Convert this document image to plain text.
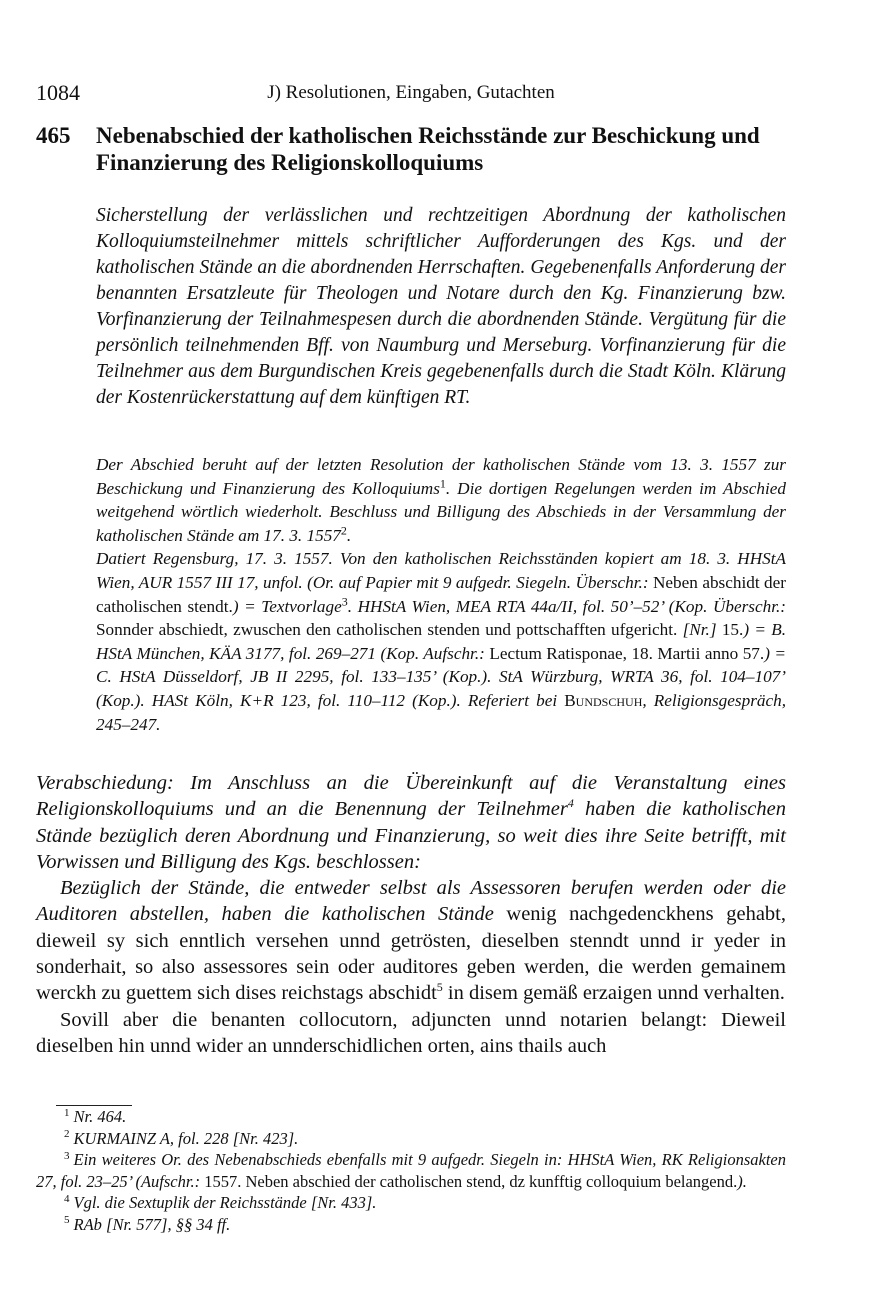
1084	J) Resolutionen, Eingaben, Gutachten
465 Nebenabschied der katholischen Reichsstände zur Beschickung und Finanzierung des Religionskolloquiums
Sicherstellung der verlässlichen und rechtzeitigen Abordnung der katholischen Kolloquiumsteilnehmer mittels schriftlicher Aufforderungen des Kgs. und der katholischen Stände an die abordnenden Herrschaften. Gegebenenfalls Anforderung der benannten Ersatzleute für Theologen und Notare durch den Kg. Finanzierung bzw. Vorfinanzierung der Teilnahmespesen durch die abordnenden Stände. Vergütung für die persönlich teilnehmenden Bff. von Naumburg und Merseburg. Vorfinanzierung für die Teilnehmer aus dem Burgundischen Kreis gegebenenfalls durch die Stadt Köln. Klärung der Kostenrückerstattung auf dem künftigen RT.
Der Abschied beruht auf der letzten Resolution der katholischen Stände vom 13. 3. 1557 zur Beschickung und Finanzierung des Kolloquiums$^1$. Die dortigen Regelungen werden im Abschied weitgehend wörtlich wiederholt. Beschluss und Billigung des Abschieds in der Versammlung der katholischen Stände am 17. 3. 1557$^2$.
Datiert Regensburg, 17. 3. 1557. Von den katholischen Reichsständen kopiert am 18. 3. HHStA Wien, AUR 1557 III 17, unfol. (Or. auf Papier mit 9 aufgedr. Siegeln. Überschr.: Neben abschidt der catholischen stendt.) = Textvorlage$^3$. HHStA Wien, MEA RTA 44a/II, fol. 50’–52’ (Kop. Überschr.: Sonnder abschiedt, zwuschen den catholischen stenden und pottschafften ufgericht. [Nr.] 15.) = B. HStA München, KÄA 3177, fol. 269–271 (Kop. Aufschr.: Lectum Ratisponae, 18. Martii anno 57.) = C. HStA Düsseldorf, JB II 2295, fol. 133–135’ (Kop.). StA Würzburg, WRTA 36, fol. 104–107’ (Kop.). HASt Köln, K+R 123, fol. 110–112 (Kop.). Referiert bei Bundschuh, Religionsgespräch, 245–247.

Verabschiedung: Im Anschluss an die Übereinkunft auf die Veranstaltung eines Religionskolloquiums und an die Benennung der Teilnehmer$^4$ haben die katholischen Stände bezüglich deren Abordnung und Finanzierung, so weit dies ihre Seite betrifft, mit Vorwissen und Billigung des Kgs. beschlossen:

Bezüglich der Stände, die entweder selbst als Assessoren berufen werden oder die Auditoren abstellen, haben die katholischen Stände wenig nachgedenckhens gehabt, dieweil sy sich enntlich versehen unnd getrösten, dieselben stenndt unnd ir yeder in sonderhait, so also assessores sein oder auditores geben werden, die werden gemainem werckh zu guettem sich dises reichstags abschidt$^5$ in disem gemäß erzaigen unnd verhalten.

Sovill aber die benanten collocutorn, adjuncten unnd notarien belangt: Dieweil dieselben hin unnd wider an unnderschidlichen orten, ains thails auch

$^1$ Nr. 464.
$^2$ KURMAINZ A, fol. 228 [Nr. 423].
$^3$ Ein weiteres Or. des Nebenabschieds ebenfalls mit 9 aufgedr. Siegeln in: HHStA Wien, RK Religionsakten 27, fol. 23–25’ (Aufschr.: 1557. Neben abschied der catholischen stend, dz kunfftig colloquium belangend.).
$^4$ Vgl. die Sextuplik der Reichsstände [Nr. 433].
$^5$ RAb [Nr. 577], §§ 34 ff.
